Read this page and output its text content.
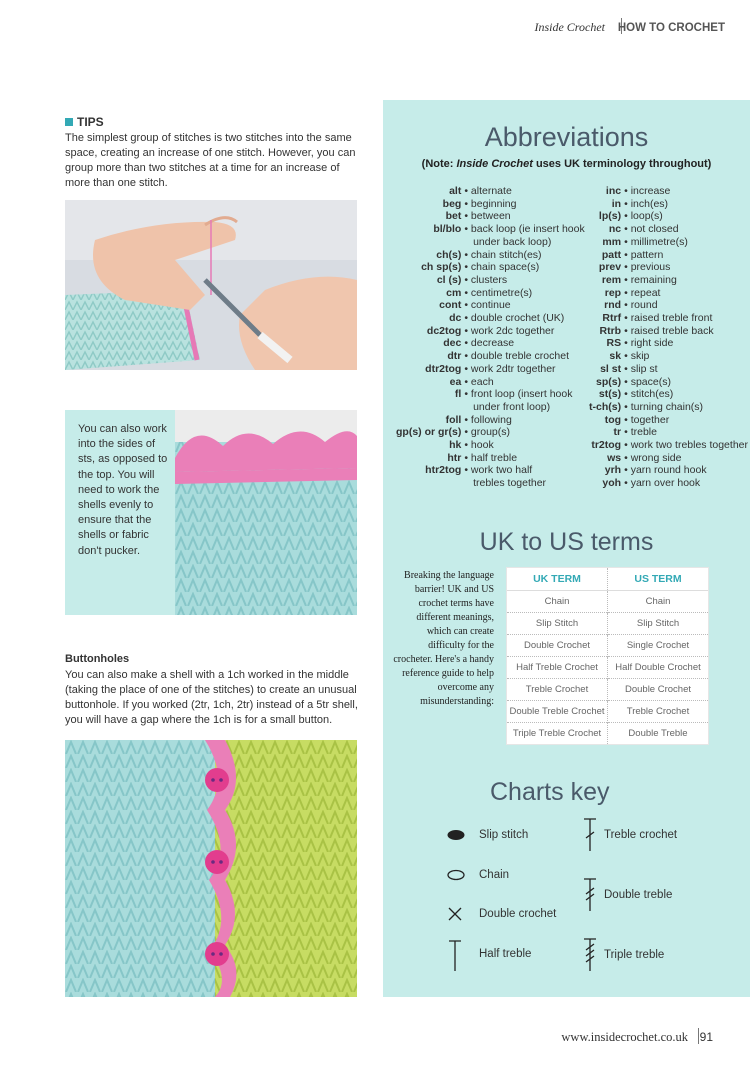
Inside Crochet HOW TO CROCHET
TIPS
The simplest group of stitches is two stitches into the same space, creating an increase of one stitch. However, you can group more than two stitches at a time for an increase of more than one stitch.
You can also work into the sides of sts, as opposed to the top. You will need to work the shells evenly to ensure that the shells or fabric don't pucker.
Buttonholes
You can also make a shell with a 1ch worked in the middle (taking the place of one of the stitches) to create an unusual buttonhole. If you worked (2tr, 1ch, 2tr) instead of a 5tr shell, you will have a gap where the 1ch is for a small button.
Abbreviations
(Note: Inside Crochet uses UK terminology throughout)
alt	• alternate
beg	• beginning
bet	• between
bl/blo	• back loop (ie insert hook
	under back loop)
ch(s)	• chain stitch(es)
ch sp(s)	• chain space(s)
cl (s)	• clusters
cm	• centimetre(s)
cont	• continue
dc	• double crochet (UK)
dc2tog	• work 2dc together
dec	• decrease
dtr	• double treble crochet
dtr2tog	• work 2dtr together
ea	• each
fl	• front loop (insert hook
	under front loop)
foll	• following
gp(s) or gr(s)	• group(s)
hk	• hook
htr	• half treble
htr2tog	• work two half
	trebles together
inc	• increase
in	• inch(es)
lp(s)	• loop(s)
nc	• not closed
mm	• millimetre(s)
patt	• pattern
prev	• previous
rem	• remaining
rep	• repeat
rnd	• round
Rtrf	• raised treble front
Rtrb	• raised treble back
RS	• right side
sk	• skip
sl st	• slip st
sp(s)	• space(s)
st(s)	• stitch(es)
t-ch(s)	• turning chain(s)
tog	• together
tr	• treble
tr2tog	• work two trebles together
ws	• wrong side
yrh	• yarn round hook
yoh	• yarn over hook
UK to US terms
Breaking the language barrier! UK and US crochet terms have different meanings, which can create difficulty for the crocheter. Here's a handy reference guide to help overcome any misunderstanding:
UK TERM	US TERM
Chain	Chain
Slip Stitch	Slip Stitch
Double Crochet	Single Crochet
Half Treble Crochet	Half Double Crochet
Treble Crochet	Double Crochet
Double Treble Crochet	Treble Crochet
Triple Treble Crochet	Double Treble
Charts key
Slip stitch
Chain
Double crochet
Half treble
Treble crochet
Double treble
Triple treble
www.insidecrochet.co.uk 91
